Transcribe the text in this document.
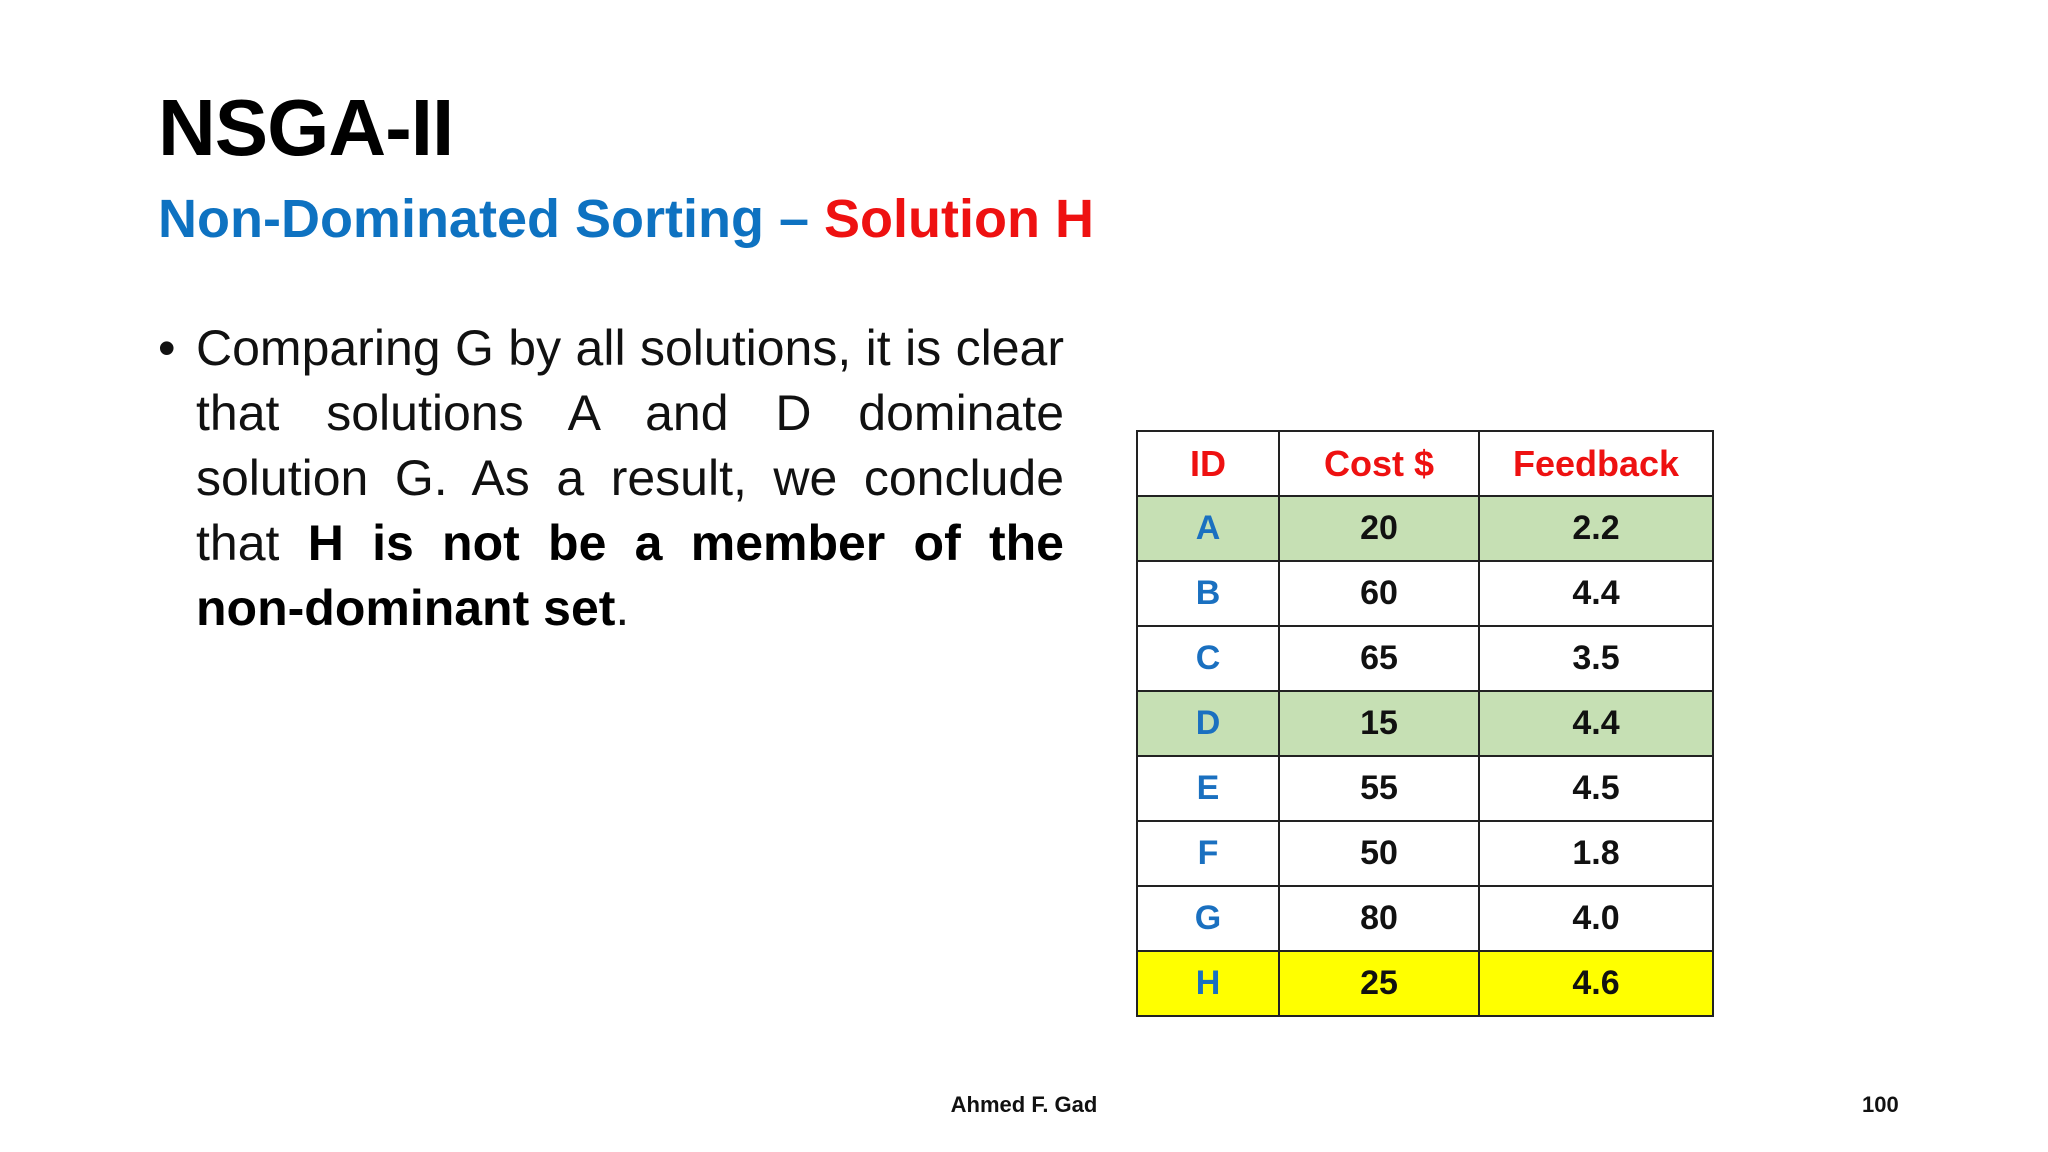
NSGA-II
Non-Dominated Sorting – Solution H
• Comparing G by all solutions, it is clear that solutions A and D dominate solution G. As a result, we conclude that H is not be a member of the non-dominant set.
ID	Cost $	Feedback
A	20	2.2
B	60	4.4
C	65	3.5
D	15	4.4
E	55	4.5
F	50	1.8
G	80	4.0
H	25	4.6
Ahmed F. Gad	100
